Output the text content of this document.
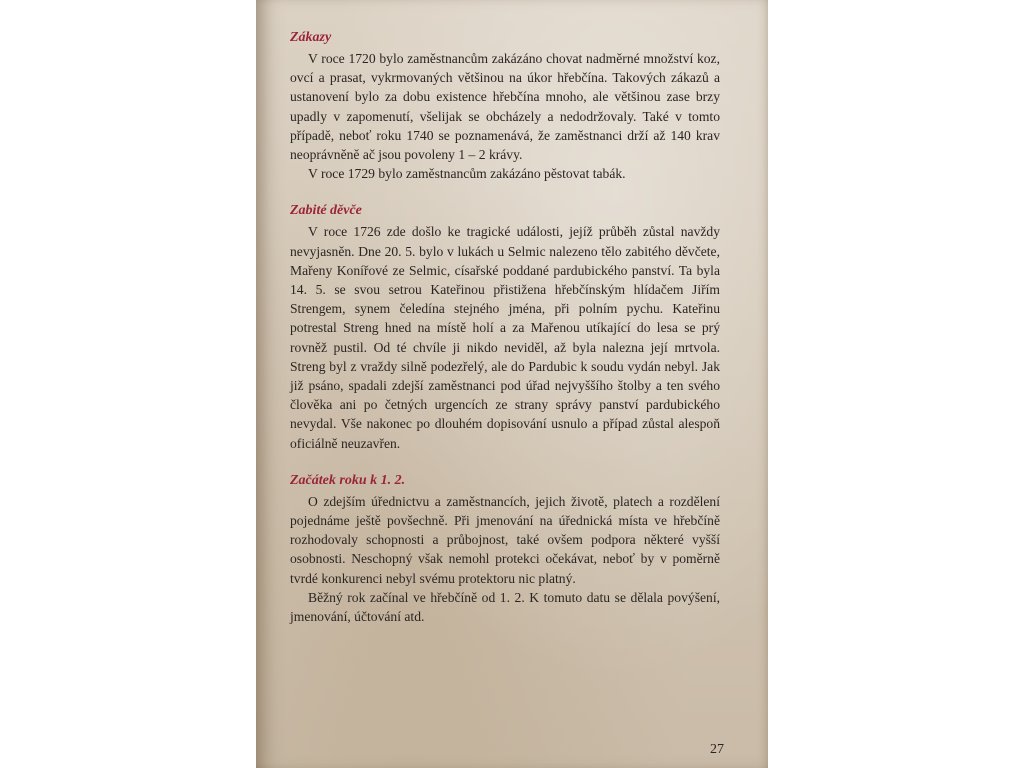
Zákazy

V roce 1720 bylo zaměstnancům zakázáno chovat nadměrné množství koz, ovcí a prasat, vykrmovaných většinou na úkor hřebčína. Takových zákazů a ustanovení bylo za dobu existence hřebčína mnoho, ale většinou zase brzy upadly v zapomenutí, všelijak se obcházely a nedodržovaly. Také v tomto případě, neboť roku 1740 se poznamenává, že zaměstnanci drží až 140 krav neoprávněně ač jsou povoleny 1 – 2 krávy.

V roce 1729 bylo zaměstnancům zakázáno pěstovat tabák.

Zabité děvče

V roce 1726 zde došlo ke tragické události, jejíž průběh zůstal navždy nevyjasněn. Dne 20. 5. bylo v lukách u Selmic nalezeno tělo zabitého děvčete, Mařeny Konířové ze Selmic, císařské poddané pardubického panství. Ta byla 14. 5. se svou setrou Kateřinou přistižena hřebčínským hlídačem Jiřím Strengem, synem čeledína stejného jména, při polním pychu. Kateřinu potrestal Streng hned na místě holí a za Mařenou utíkající do lesa se prý rovněž pustil. Od té chvíle ji nikdo neviděl, až byla nalezna její mrtvola. Streng byl z vraždy silně podezřelý, ale do Pardubic k soudu vydán nebyl. Jak již psáno, spadali zdejší zaměstnanci pod úřad nejvyššího štolby a ten svého člověka ani po četných urgencích ze strany správy panství pardubického nevydal. Vše nakonec po dlouhém dopisování usnulo a případ zůstal alespoň oficiálně neuzavřen.

Začátek roku k 1. 2.

O zdejším úřednictvu a zaměstnancích, jejich životě, platech a rozdělení pojednáme ještě povšechně. Při jmenování na úřednická místa ve hřebčíně rozhodovaly schopnosti a průbojnost, také ovšem podpora některé vyšší osobnosti. Neschopný však nemohl protekci očekávat, neboť by v poměrně tvrdé konkurenci nebyl svému protektoru nic platný.

Běžný rok začínal ve hřebčíně od 1. 2. K tomuto datu se dělala povýšení, jmenování, účtování atd.

27
